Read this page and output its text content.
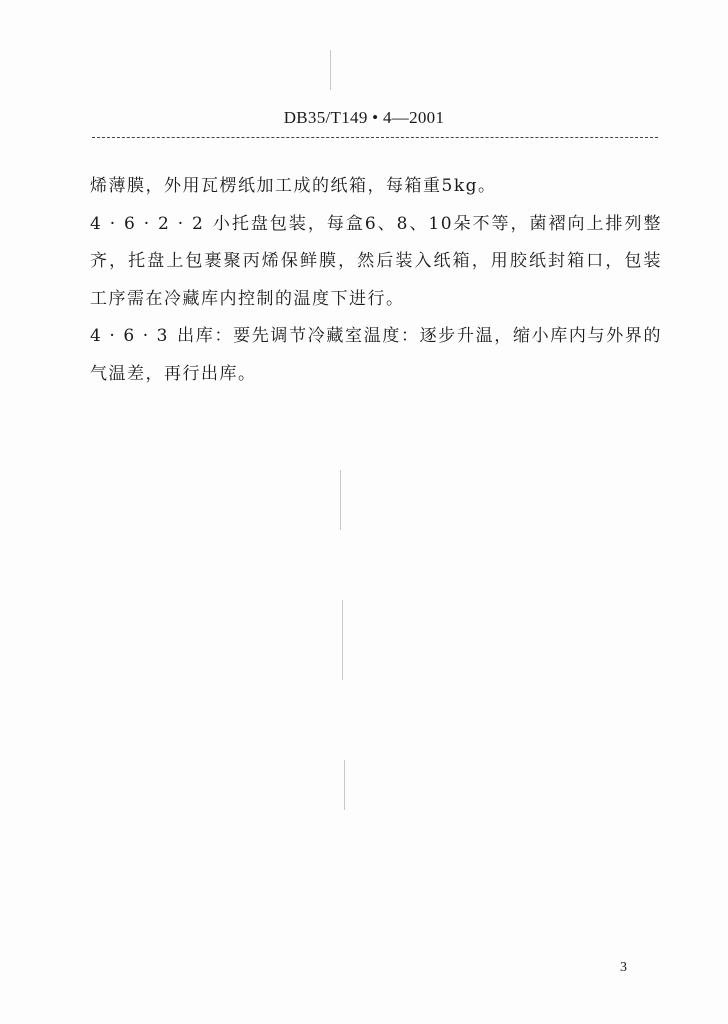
DB35/T149 • 4—2001

烯薄膜，外用瓦楞纸加工成的纸箱，每箱重5kg。

4 · 6 · 2 · 2 小托盘包装，每盒6、8、10朵不等，菌褶向上排列整齐，托盘上包裹聚丙烯保鲜膜，然后装入纸箱，用胶纸封箱口，包装工序需在冷藏库内控制的温度下进行。

4 · 6 · 3 出库：要先调节冷藏室温度：逐步升温，缩小库内与外界的气温差，再行出库。

3
